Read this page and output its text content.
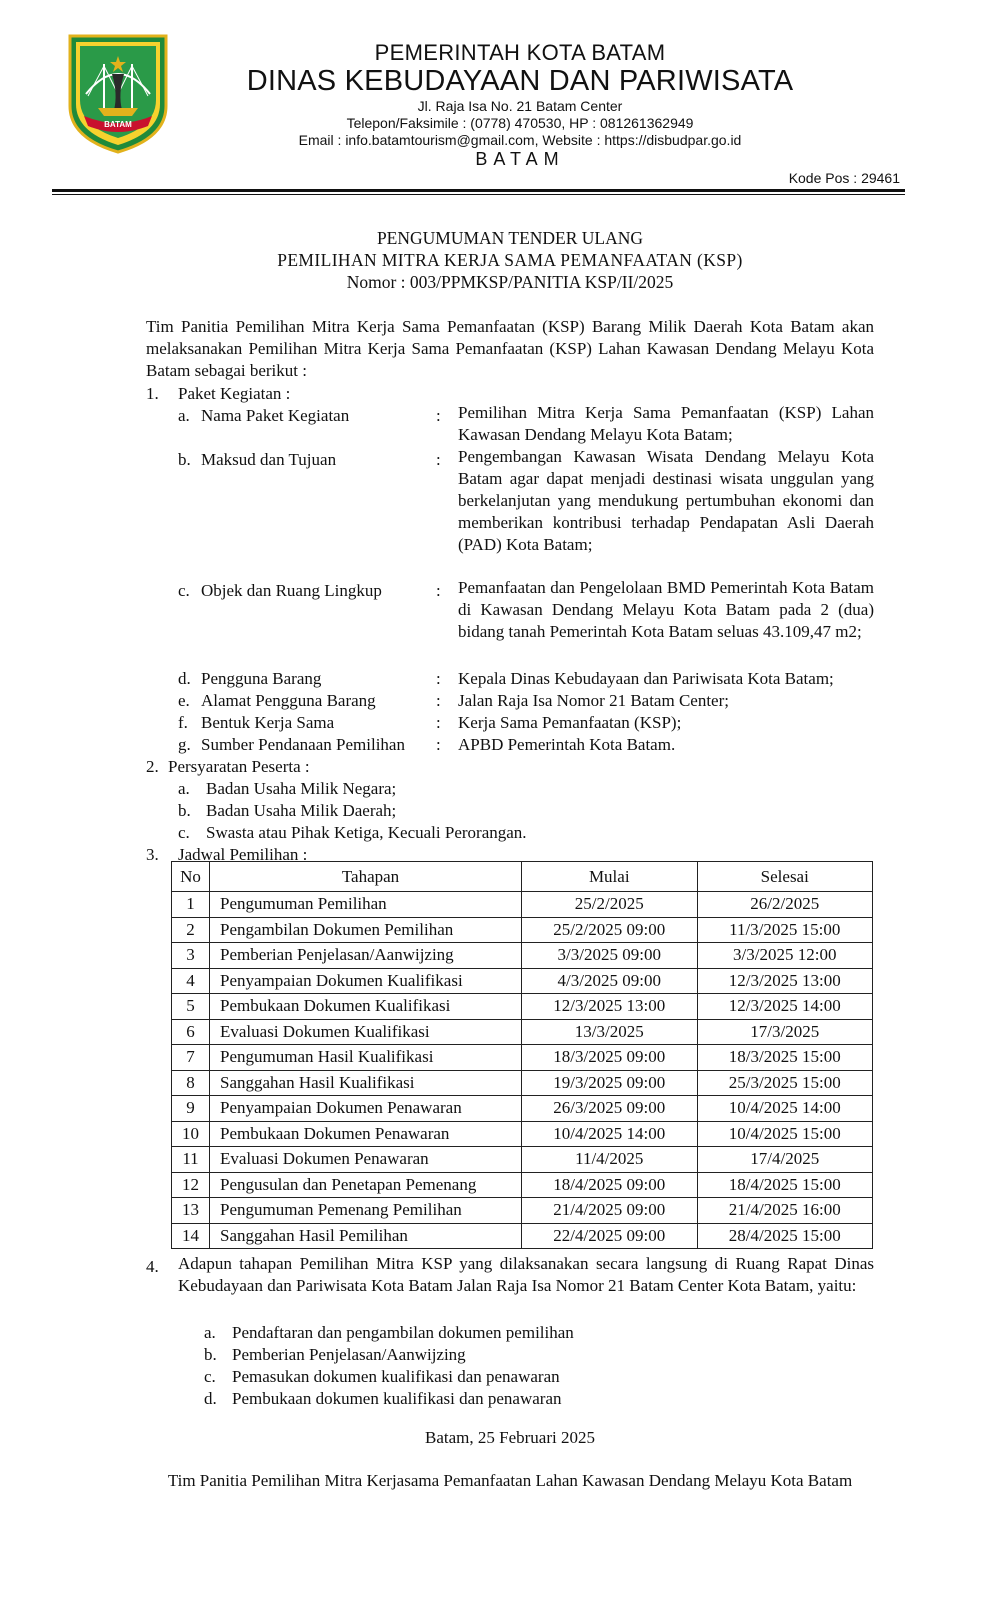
BATAM
PEMERINTAH KOTA BATAM
DINAS KEBUDAYAAN DAN PARIWISATA
Jl. Raja Isa No. 21 Batam Center
Telepon/Faksimile : (0778) 470530, HP : 081261362949
Email : info.batamtourism@gmail.com, Website : https://disbudpar.go.id
BATAM
Kode Pos : 29461
PENGUMUMAN TENDER ULANG
PEMILIHAN MITRA KERJA SAMA PEMANFAATAN (KSP)
Nomor : 003/PPMKSP/PANITIA KSP/II/2025

Tim Panitia Pemilihan Mitra Kerja Sama Pemanfaatan (KSP) Barang Milik Daerah Kota Batam akan melaksanakan Pemilihan Mitra Kerja Sama Pemanfaatan (KSP) Lahan Kawasan Dendang Melayu Kota Batam sebagai berikut :

1. Paket Kegiatan :
a. Nama Paket Kegiatan	: Pemilihan Mitra Kerja Sama Pemanfaatan (KSP) Lahan Kawasan Dendang Melayu Kota Batam;

b. Maksud dan Tujuan	: Pengembangan Kawasan Wisata Dendang Melayu Kota Batam agar dapat menjadi destinasi wisata unggulan yang berkelanjutan yang mendukung pertumbuhan ekonomi dan memberikan kontribusi terhadap Pendapatan Asli Daerah (PAD) Kota Batam;

c. Objek dan Ruang Lingkup	: Pemanfaatan dan Pengelolaan BMD Pemerintah Kota Batam di Kawasan Dendang Melayu Kota Batam pada 2 (dua) bidang tanah Pemerintah Kota Batam seluas 43.109,47 m2;

d. Pengguna Barang	: Kepala Dinas Kebudayaan dan Pariwisata Kota Batam;
e. Alamat Pengguna Barang	: Jalan Raja Isa Nomor 21 Batam Center;
f. Bentuk Kerja Sama	: Kerja Sama Pemanfaatan (KSP);
g. Sumber Pendanaan Pemilihan : APBD Pemerintah Kota Batam.
2. Persyaratan Peserta :
a. Badan Usaha Milik Negara;
b. Badan Usaha Milik Daerah;
c. Swasta atau Pihak Ketiga, Kecuali Perorangan.
3. Jadwal Pemilihan :
No	Tahapan	Mulai	Selesai
1	Pengumuman Pemilihan	25/2/2025	26/2/2025
2	Pengambilan Dokumen Pemilihan	25/2/2025 09:00	11/3/2025 15:00
3	Pemberian Penjelasan/Aanwijzing	3/3/2025 09:00	3/3/2025 12:00
4	Penyampaian Dokumen Kualifikasi	4/3/2025 09:00	12/3/2025 13:00
5	Pembukaan Dokumen Kualifikasi	12/3/2025 13:00	12/3/2025 14:00
6	Evaluasi Dokumen Kualifikasi	13/3/2025	17/3/2025
7	Pengumuman Hasil Kualifikasi	18/3/2025 09:00	18/3/2025 15:00
8	Sanggahan Hasil Kualifikasi	19/3/2025 09:00	25/3/2025 15:00
9	Penyampaian Dokumen Penawaran	26/3/2025 09:00	10/4/2025 14:00
10	Pembukaan Dokumen Penawaran	10/4/2025 14:00	10/4/2025 15:00
11	Evaluasi Dokumen Penawaran	11/4/2025	17/4/2025
12	Pengusulan dan Penetapan Pemenang	18/4/2025 09:00	18/4/2025 15:00
13	Pengumuman Pemenang Pemilihan	21/4/2025 09:00	21/4/2025 16:00
14	Sanggahan Hasil Pemilihan	22/4/2025 09:00	28/4/2025 15:00
4. Adapun tahapan Pemilihan Mitra KSP yang dilaksanakan secara langsung di Ruang Rapat Dinas Kebudayaan dan Pariwisata Kota Batam Jalan Raja Isa Nomor 21 Batam Center Kota Batam, yaitu:

a. Pendaftaran dan pengambilan dokumen pemilihan
b. Pemberian Penjelasan/Aanwijzing
c. Pemasukan dokumen kualifikasi dan penawaran
d. Pembukaan dokumen kualifikasi dan penawaran

Batam, 25 Februari 2025

Tim Panitia Pemilihan Mitra Kerjasama Pemanfaatan Lahan Kawasan Dendang Melayu Kota Batam
